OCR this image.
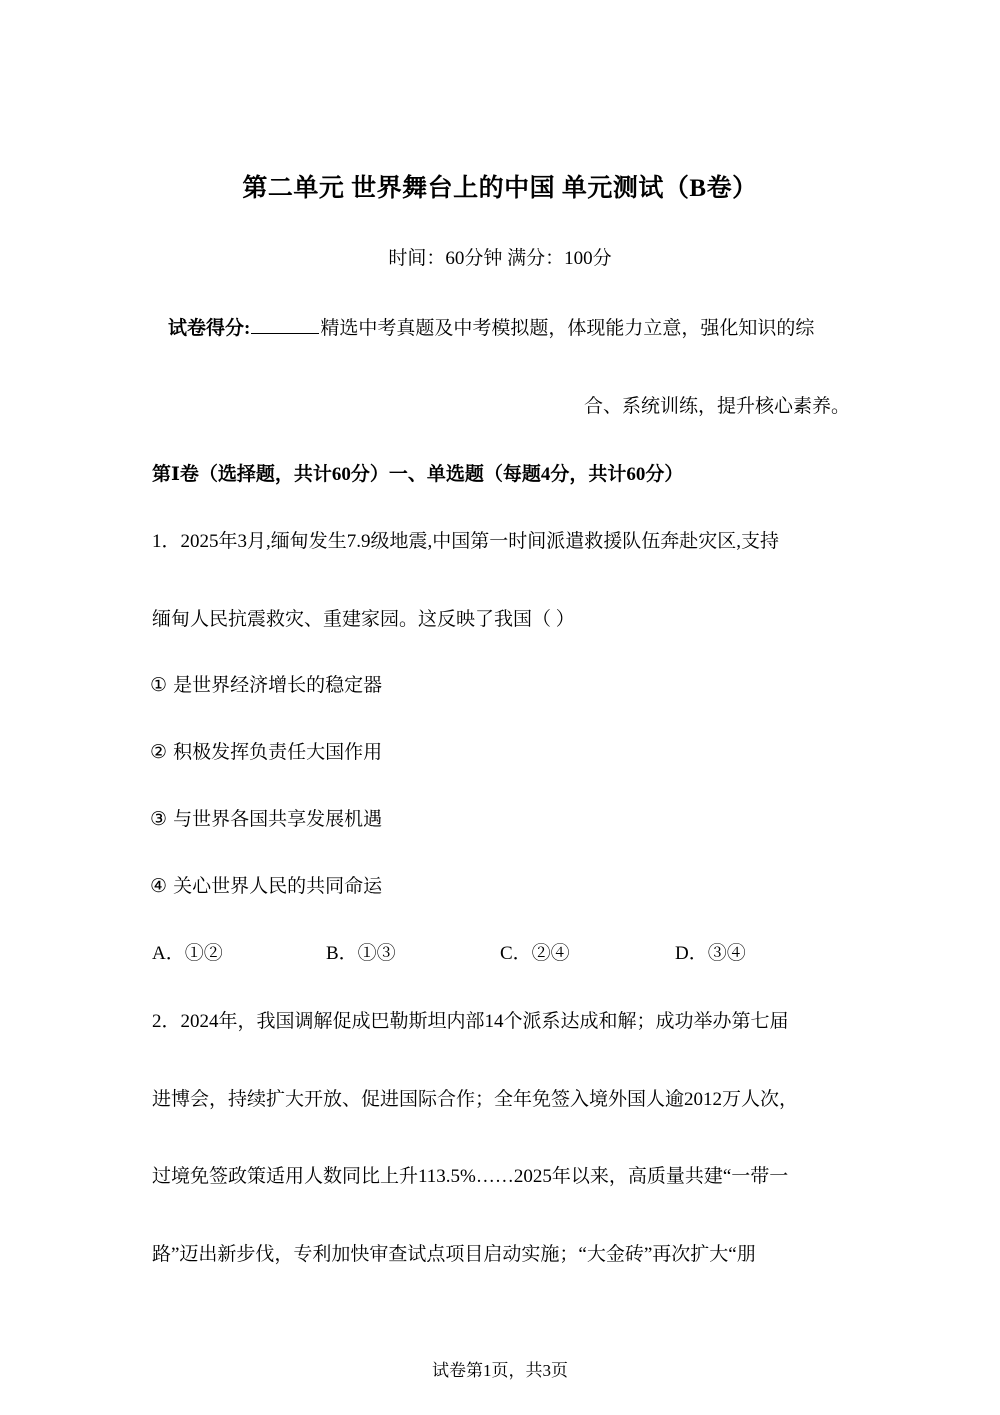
第二单元 世界舞台上的中国 单元测试（B卷）
时间：60分钟 满分：100分
试卷得分:	精选中考真题及中考模拟题，体现能力立意，强化知识的综
合、系统训练，提升核心素养。
第Ⅰ卷（选择题，共计60分）一、单选题（每题4分，共计60分）
1．2025年3月,缅甸发生7.9级地震,中国第一时间派遣救援队伍奔赴灾区,支持
缅甸人民抗震救灾、重建家园。这反映了我国（ ）
① 是世界经济增长的稳定器
② 积极发挥负责任大国作用
③ 与世界各国共享发展机遇
④ 关心世界人民的共同命运
A．①②	B．①③	C．②④	D．③④
2．2024年，我国调解促成巴勒斯坦内部14个派系达成和解；成功举办第七届
进博会，持续扩大开放、促进国际合作；全年免签入境外国人逾2012万人次，
过境免签政策适用人数同比上升113.5%……2025年以来，高质量共建“一带一
路”迈出新步伐，专利加快审查试点项目启动实施；“大金砖”再次扩大“朋
试卷第1页，共3页
